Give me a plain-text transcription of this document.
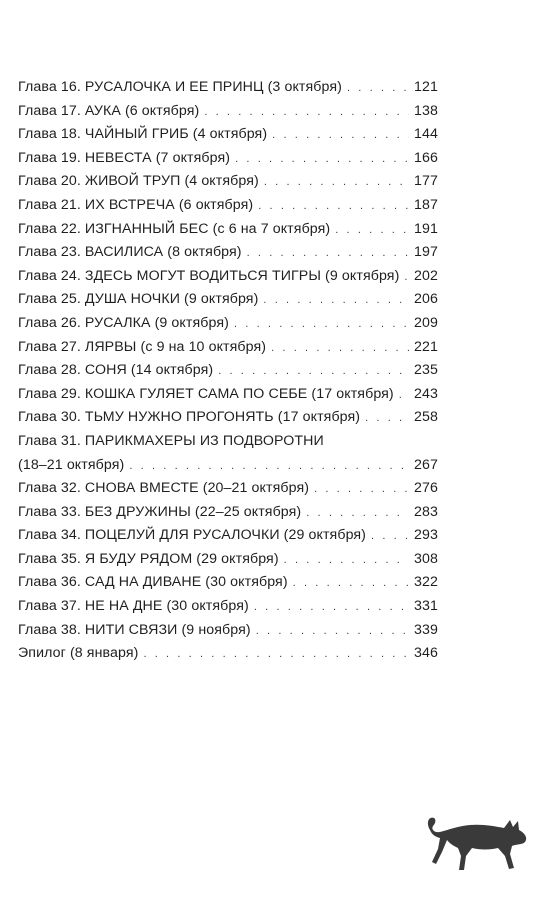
Глава 16. РУСАЛОЧКА И ЕЕ ПРИНЦ (3 октября) . . .	121
Глава 17. АУКА (6 октября) . . .	138
Глава 18. ЧАЙНЫЙ ГРИБ (4 октября) . . .	144
Глава 19. НЕВЕСТА (7 октября) . . .	166
Глава 20. ЖИВОЙ ТРУП (4 октября) . . .	177
Глава 21. ИХ ВСТРЕЧА (6 октября) . . .	187
Глава 22. ИЗГНАННЫЙ БЕС (с 6 на 7 октября) . . .	191
Глава 23. ВАСИЛИСА (8 октября) . . .	197
Глава 24. ЗДЕСЬ МОГУТ ВОДИТЬСЯ ТИГРЫ (9 октября) . . . 202
Глава 25. ДУША НОЧКИ (9 октября) . . .	206
Глава 26. РУСАЛКА (9 октября) . . .	209
Глава 27. ЛЯРВЫ (с 9 на 10 октября) . . .	221
Глава 28. СОНЯ (14 октября) . . .	235
Глава 29. КОШКА ГУЛЯЕТ САМА ПО СЕБЕ (17 октября) . . . 243
Глава 30. ТЬМУ НУЖНО ПРОГОНЯТЬ (17 октября) . . .	258
Глава 31. ПАРИКМАХЕРЫ ИЗ ПОДВОРОТНИ
(18–21 октября) . . .	267
Глава 32. СНОВА ВМЕСТЕ (20–21 октября) . . .	276
Глава 33. БЕЗ ДРУЖИНЫ (22–25 октября) . . .	283
Глава 34. ПОЦЕЛУЙ ДЛЯ РУСАЛОЧКИ (29 октября) . . .	293
Глава 35. Я БУДУ РЯДОМ (29 октября) . . .	308
Глава 36. САД НА ДИВАНЕ (30 октября) . . .	322
Глава 37. НЕ НА ДНЕ (30 октября) . . .	331
Глава 38. НИТИ СВЯЗИ (9 ноября) . . .	339
Эпилог (8 января) . . .	346
